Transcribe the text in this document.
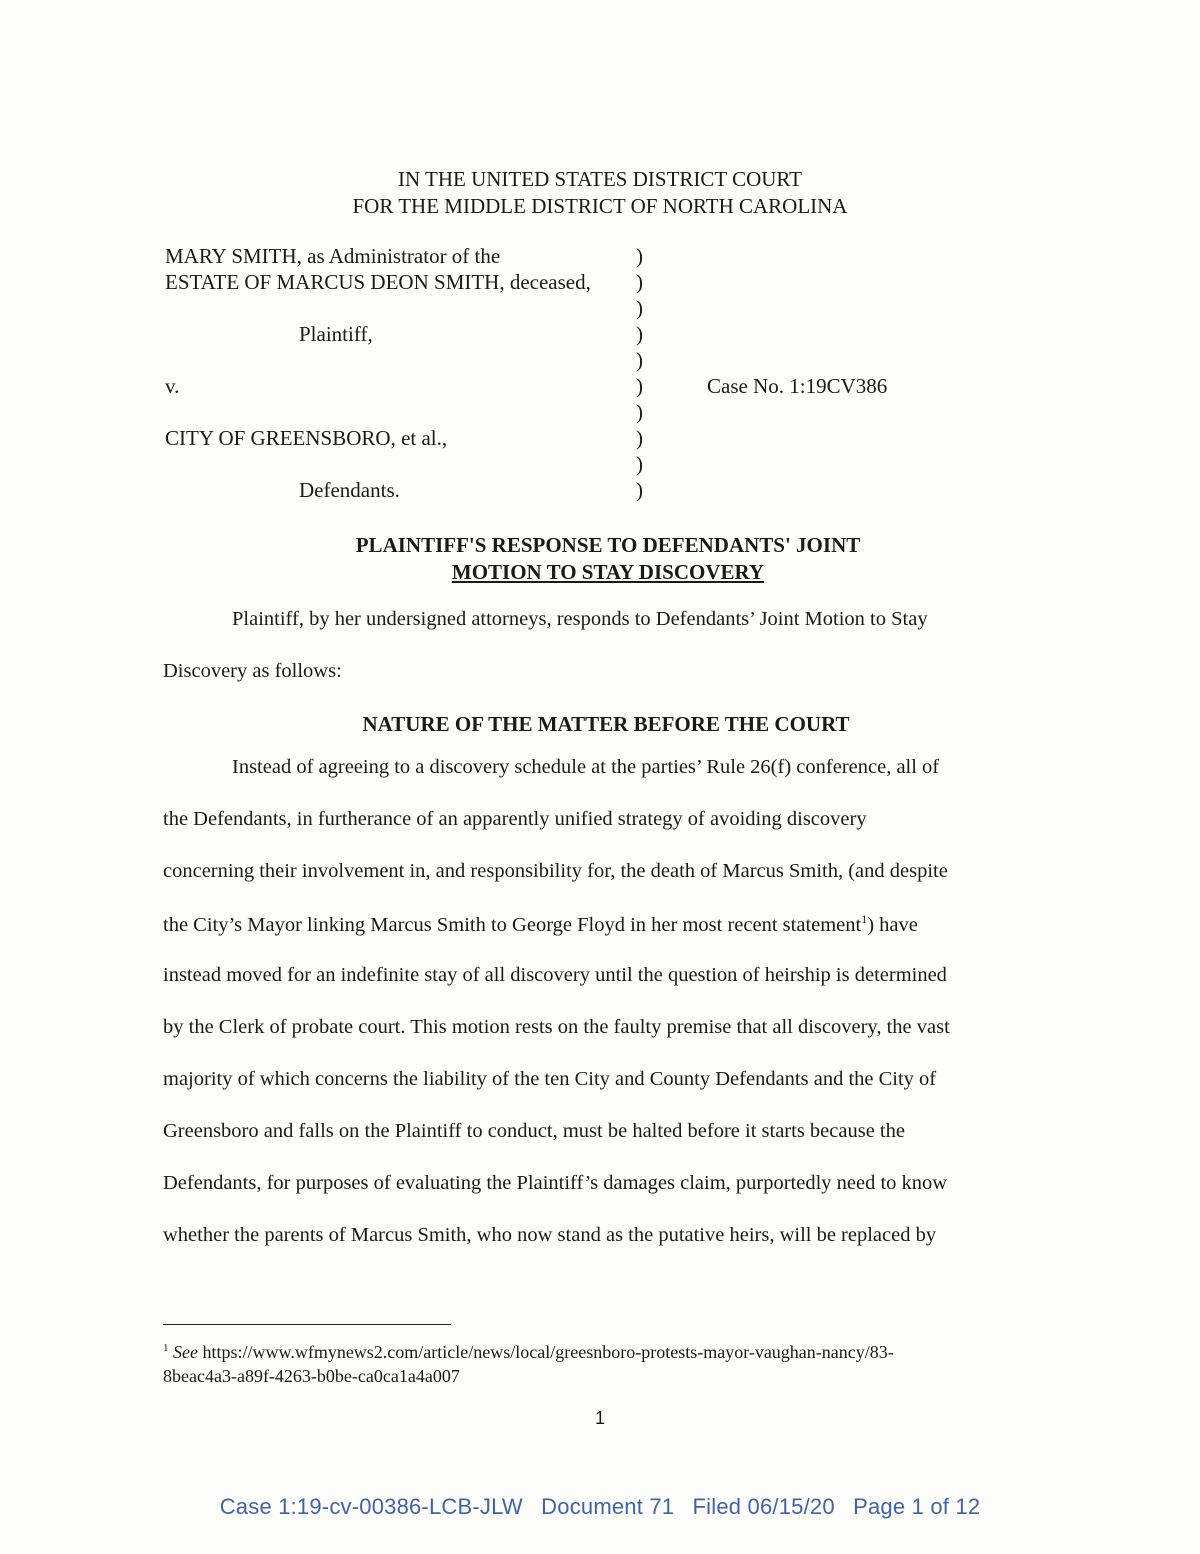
IN THE UNITED STATES DISTRICT COURT
FOR THE MIDDLE DISTRICT OF NORTH CAROLINA
MARY SMITH, as Administrator of the
ESTATE OF MARCUS DEON SMITH, deceased,
Plaintiff,
v.
CITY OF GREENSBORO, et al.,
Defendants.
)
)
)
)
)
)
)
)
)
)
Case No. 1:19CV386
PLAINTIFF'S RESPONSE TO DEFENDANTS' JOINT
MOTION TO STAY DISCOVERY
Plaintiff, by her undersigned attorneys, responds to Defendants’ Joint Motion to Stay
Discovery as follows:
NATURE OF THE MATTER BEFORE THE COURT
Instead of agreeing to a discovery schedule at the parties’ Rule 26(f) conference, all of
the Defendants, in furtherance of an apparently unified strategy of avoiding discovery
concerning their involvement in, and responsibility for, the death of Marcus Smith, (and despite
the City’s Mayor linking Marcus Smith to George Floyd in her most recent statement$^1$) have
instead moved for an indefinite stay of all discovery until the question of heirship is determined
by the Clerk of probate court. This motion rests on the faulty premise that all discovery, the vast
majority of which concerns the liability of the ten City and County Defendants and the City of
Greensboro and falls on the Plaintiff to conduct, must be halted before it starts because the
Defendants, for purposes of evaluating the Plaintiff’s damages claim, purportedly need to know
whether the parents of Marcus Smith, who now stand as the putative heirs, will be replaced by
$^1$ See https://www.wfmynews2.com/article/news/local/greesnboro-protests-mayor-vaughan-nancy/83-
8beac4a3-a89f-4263-b0be-ca0ca1a4a007
1
Case 1:19-cv-00386-LCB-JLW Document 71 Filed 06/15/20 Page 1 of 12
